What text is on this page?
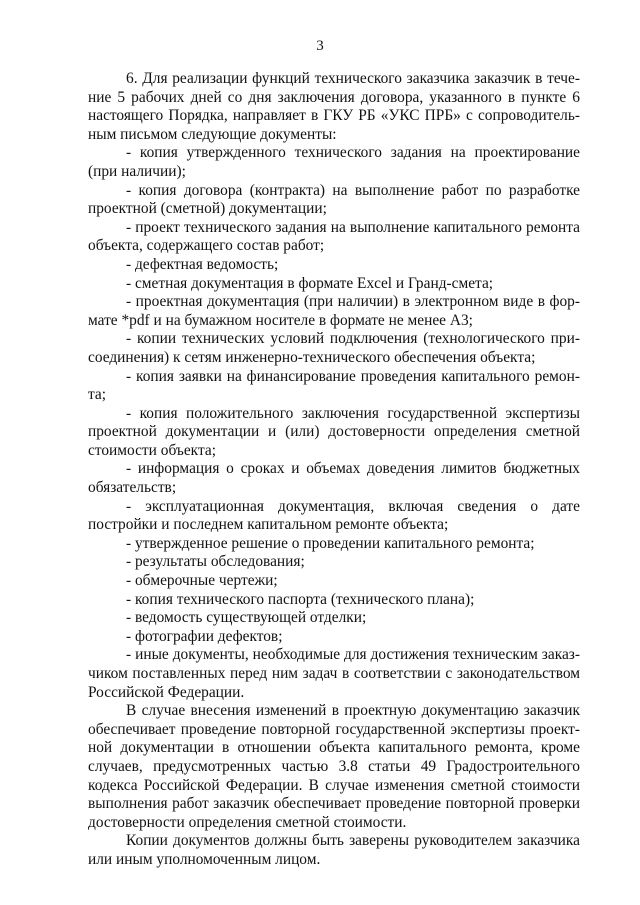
3

6. Для реализации функций технического заказчика заказчик в течение 5 рабочих дней со дня заключения договора, указанного в пункте 6 настоящего Порядка, направляет в ГКУ РБ «УКС ПРБ» с сопроводительным письмом следующие документы:

- копия утвержденного технического задания на проектирование (при наличии);

- копия договора (контракта) на выполнение работ по разработке проектной (сметной) документации;

- проект технического задания на выполнение капитального ремонта объекта, содержащего состав работ;

- дефектная ведомость;

- сметная документация в формате Excel и Гранд-смета;

- проектная документация (при наличии) в электронном виде в формате *pdf и на бумажном носителе в формате не менее А3;

- копии технических условий подключения (технологического присоединения) к сетям инженерно-технического обеспечения объекта;

- копия заявки на финансирование проведения капитального ремонта;

- копия положительного заключения государственной экспертизы проектной документации и (или) достоверности определения сметной стоимости объекта;

- информация о сроках и объемах доведения лимитов бюджетных обязательств;

- эксплуатационная документация, включая сведения о дате постройки и последнем капитальном ремонте объекта;

- утвержденное решение о проведении капитального ремонта;

- результаты обследования;

- обмерочные чертежи;

- копия технического паспорта (технического плана);

- ведомость существующей отделки;

- фотографии дефектов;

- иные документы, необходимые для достижения техническим заказчиком поставленных перед ним задач в соответствии с законодательством Российской Федерации.

В случае внесения изменений в проектную документацию заказчик обеспечивает проведение повторной государственной экспертизы проектной документации в отношении объекта капитального ремонта, кроме случаев, предусмотренных частью 3.8 статьи 49 Градостроительного кодекса Российской Федерации. В случае изменения сметной стоимости выполнения работ заказчик обеспечивает проведение повторной проверки достоверности определения сметной стоимости.

Копии документов должны быть заверены руководителем заказчика или иным уполномоченным лицом.
